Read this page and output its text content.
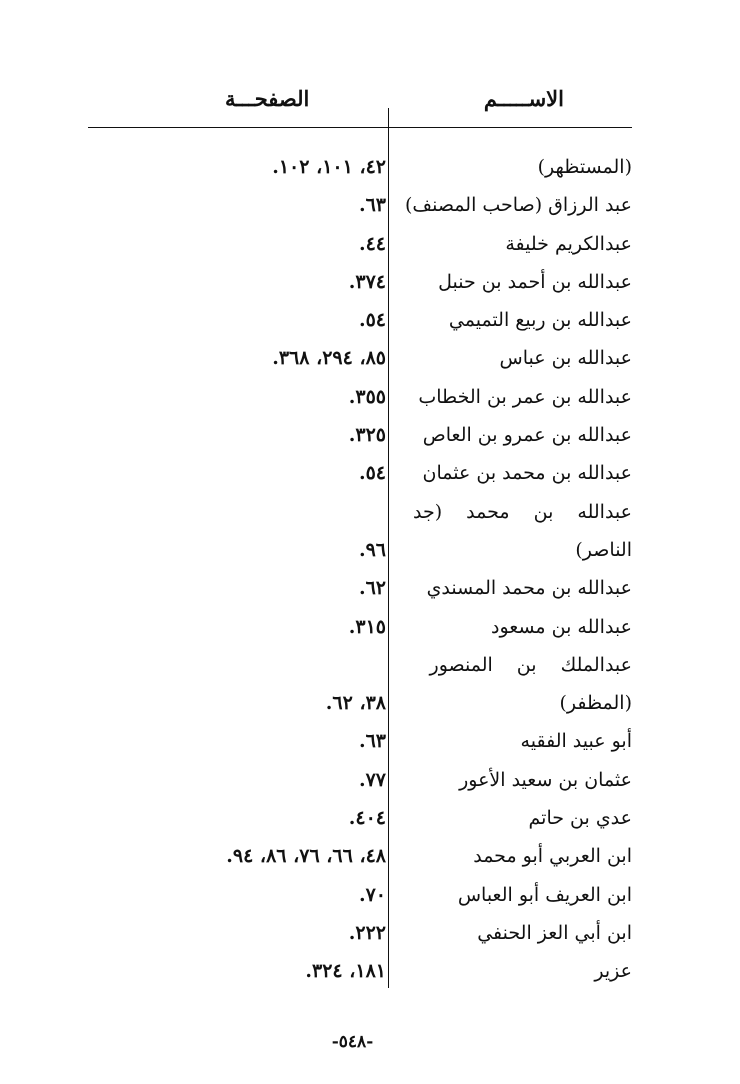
الاســـــم
الصفحـــة
(المستظهر)
٤٢، ١٠١، ١٠٢.
عبد الرزاق (صاحب المصنف)
٦٣.
عبدالكريم خليفة
٤٤.
عبدالله بن أحمد بن حنبل
٣٧٤.
عبدالله بن ربيع التميمي
٥٤.
عبدالله بن عباس
٨٥، ٢٩٤، ٣٦٨.
عبدالله بن عمر بن الخطاب
٣٥٥.
عبدالله بن عمرو بن العاص
٣٢٥.
عبدالله بن محمد بن عثمان
٥٤.
عبدالله بن محمد (جد
الناصر)
٩٦.
عبدالله بن محمد المسندي
٦٢.
عبدالله بن مسعود
٣١٥.
عبدالملك بن المنصور
(المظفر)
٣٨، ٦٢.
أبو عبيد الفقيه
٦٣.
عثمان بن سعيد الأعور
٧٧.
عدي بن حاتم
٤٠٤.
ابن العربي أبو محمد
٤٨، ٦٦، ٧٦، ٨٦، ٩٤.
ابن العريف أبو العباس
٧٠.
ابن أبي العز الحنفي
٢٢٢.
عزير
١٨١، ٣٢٤.
-٥٤٨-
